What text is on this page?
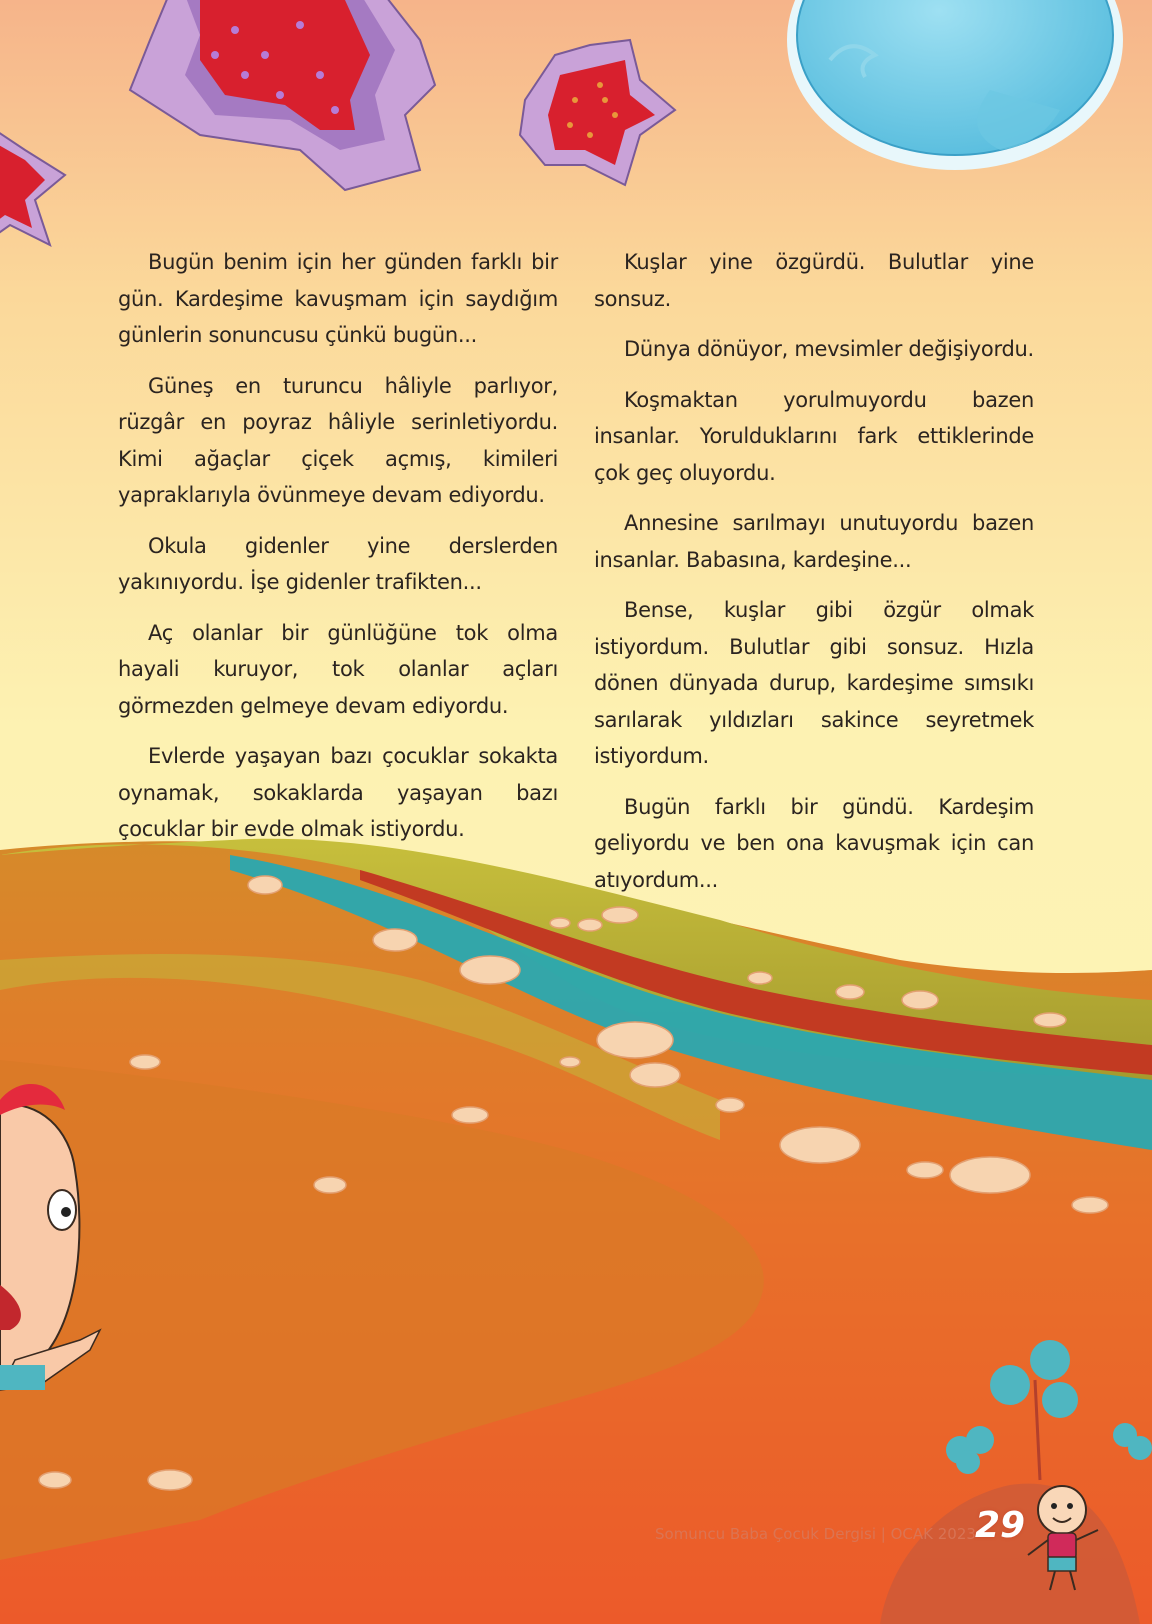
Bugün benim için her günden farklı bir gün. Kardeşime kavuşmam için saydığım günlerin sonuncusu çünkü bugün...

Güneş en turuncu hâliyle parlıyor, rüzgâr en poyraz hâliyle serinletiyordu. Kimi ağaçlar çiçek açmış, kimileri yapraklarıyla övünmeye devam ediyordu.

Okula gidenler yine derslerden yakınıyordu. İşe gidenler trafikten...

Aç olanlar bir günlüğüne tok olma hayali kuruyor, tok olanlar açları görmezden gelmeye devam ediyordu.

Evlerde yaşayan bazı çocuklar sokakta oynamak, sokaklarda yaşayan bazı çocuklar bir evde olmak istiyordu.

Kuşlar yine özgürdü. Bulutlar yine sonsuz.

Dünya dönüyor, mevsimler değişiyordu.

Koşmaktan yorulmuyordu bazen insanlar. Yorulduklarını fark ettiklerinde çok geç oluyordu.

Annesine sarılmayı unutuyordu bazen insanlar. Babasına, kardeşine...

Bense, kuşlar gibi özgür olmak istiyordum. Bulutlar gibi sonsuz. Hızla dönen dünyada durup, kardeşime sımsıkı sarılarak yıldızları sakince seyretmek istiyordum.

Bugün farklı bir gündü. Kardeşim geliyordu ve ben ona kavuşmak için can atıyordum...

Somuncu Baba Çocuk Dergisi | OCAK 2023 29
